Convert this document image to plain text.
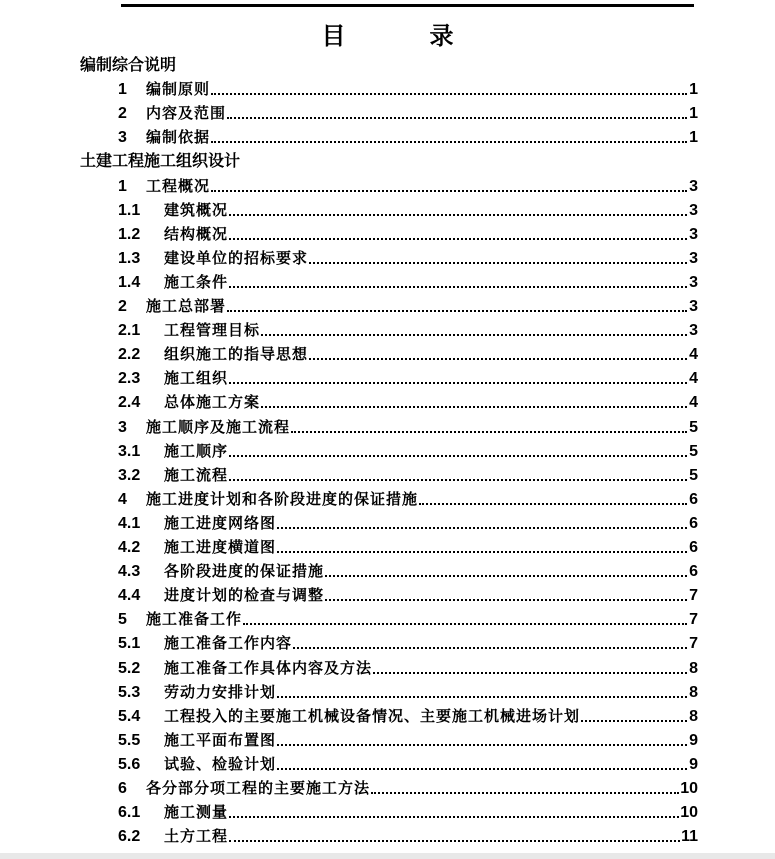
目　录
编制综合说明
1	编制原则	1
2	内容及范围	1
3	编制依据	1
土建工程施工组织设计
1	工程概况	3
1.1	建筑概况	3
1.2	结构概况	3
1.3	建设单位的招标要求	3
1.4	施工条件	3
2	施工总部署	3
2.1	工程管理目标	3
2.2	组织施工的指导思想	4
2.3	施工组织	4
2.4	总体施工方案	4
3	施工顺序及施工流程	5
3.1	施工顺序	5
3.2	施工流程	5
4	施工进度计划和各阶段进度的保证措施	6
4.1	施工进度网络图	6
4.2	施工进度横道图	6
4.3	各阶段进度的保证措施	6
4.4	进度计划的检查与调整	7
5	施工准备工作	7
5.1	施工准备工作内容	7
5.2	施工准备工作具体内容及方法	8
5.3	劳动力安排计划	8
5.4	工程投入的主要施工机械设备情况、主要施工机械进场计划	8
5.5	施工平面布置图	9
5.6	试验、检验计划	9
6	各分部分项工程的主要施工方法	10
6.1	施工测量	10
6.2	土方工程	11
